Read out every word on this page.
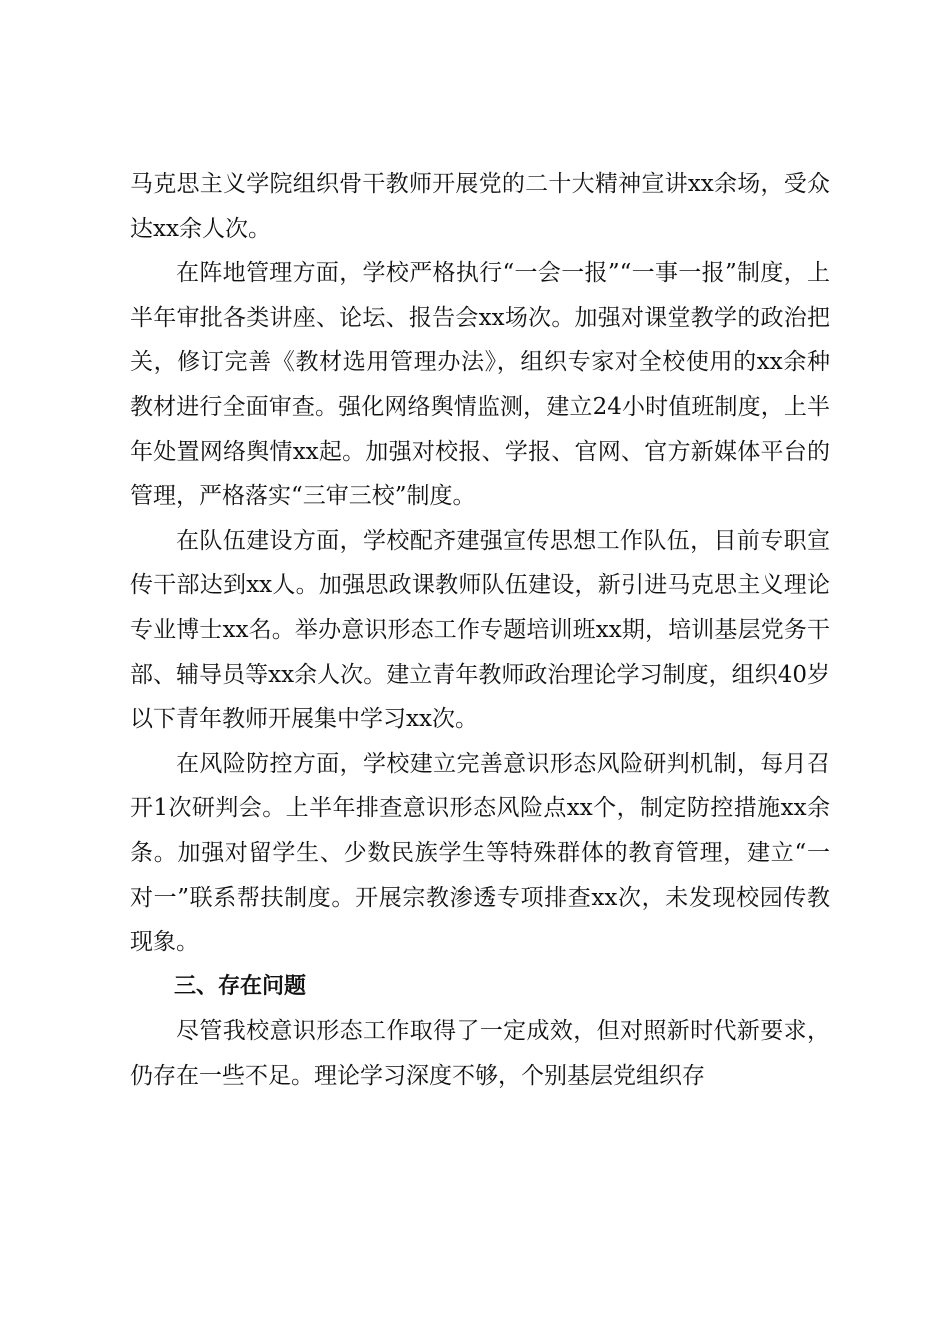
马克思主义学院组织骨干教师开展党的二十大精神宣讲xx余场，受众达xx余人次。

在阵地管理方面，学校严格执行“一会一报”“一事一报”制度，上半年审批各类讲座、论坛、报告会xx场次。加强对课堂教学的政治把关，修订完善《教材选用管理办法》，组织专家对全校使用的xx余种教材进行全面审查。强化网络舆情监测，建立24小时值班制度，上半年处置网络舆情xx起。加强对校报、学报、官网、官方新媒体平台的管理，严格落实“三审三校”制度。

在队伍建设方面，学校配齐建强宣传思想工作队伍，目前专职宣传干部达到xx人。加强思政课教师队伍建设，新引进马克思主义理论专业博士xx名。举办意识形态工作专题培训班xx期，培训基层党务干部、辅导员等xx余人次。建立青年教师政治理论学习制度，组织40岁以下青年教师开展集中学习xx次。

在风险防控方面，学校建立完善意识形态风险研判机制，每月召开1次研判会。上半年排查意识形态风险点xx个，制定防控措施xx余条。加强对留学生、少数民族学生等特殊群体的教育管理，建立“一对一”联系帮扶制度。开展宗教渗透专项排查xx次，未发现校园传教现象。

三、存在问题

尽管我校意识形态工作取得了一定成效，但对照新时代新要求，仍存在一些不足。理论学习深度不够，个别基层党组织存
